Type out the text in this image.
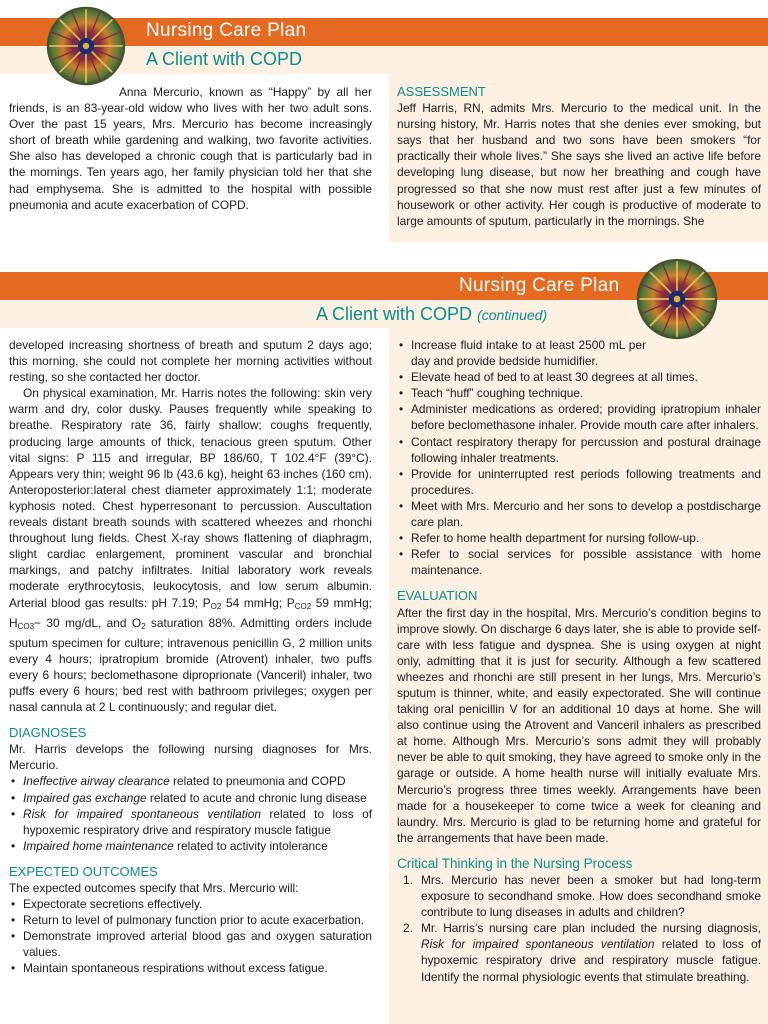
Nursing Care Plan
A Client with COPD

Anna Mercurio, known as “Happy” by all her friends, is an 83-year-old widow who lives with her two adult sons. Over the past 15 years, Mrs. Mercurio has become increasingly short of breath while gardening and walking, two favorite activities. She also has developed a chronic cough that is particularly bad in the mornings. Ten years ago, her family physician told her that she had emphysema. She is admitted to the hospital with possible pneumonia and acute exacerbation of COPD.

ASSESSMENT

Jeff Harris, RN, admits Mrs. Mercurio to the medical unit. In the nursing history, Mr. Harris notes that she denies ever smoking, but says that her husband and two sons have been smokers “for practically their whole lives.” She says she lived an active life before developing lung disease, but now her breathing and cough have progressed so that she now must rest after just a few minutes of housework or other activity. Her cough is productive of moderate to large amounts of sputum, particularly in the mornings. She

Nursing Care Plan
A Client with COPD (continued)

developed increasing shortness of breath and sputum 2 days ago; this morning, she could not complete her morning activities without resting, so she contacted her doctor.

On physical examination, Mr. Harris notes the following: skin very warm and dry, color dusky. Pauses frequently while speaking to breathe. Respiratory rate 36, fairly shallow; coughs frequently, producing large amounts of thick, tenacious green sputum. Other vital signs: P 115 and irregular, BP 186/60, T 102.4°F (39°C). Appears very thin; weight 96 lb (43.6 kg), height 63 inches (160 cm). Anteroposterior:lateral chest diameter approximately 1:1; moderate kyphosis noted. Chest hyperresonant to percussion. Auscultation reveals distant breath sounds with scattered wheezes and rhonchi throughout lung fields. Chest X-ray shows flattening of diaphragm, slight cardiac enlargement, prominent vascular and bronchial markings, and patchy infiltrates. Initial laboratory work reveals moderate erythrocytosis, leukocytosis, and low serum albumin. Arterial blood gas results: pH 7.19; $P_{O2}$ 54 mmHg; $P_{CO2}$ 59 mmHg; $H_{CO3}- 30$ mg/dL, and $O_2$ saturation 88%. Admitting orders include sputum specimen for culture; intravenous penicillin G, 2 million units every 4 hours; ipratropium bromide (Atrovent) inhaler, two puffs every 6 hours; beclomethasone diproprionate (Vanceril) inhaler, two puffs every 6 hours; bed rest with bathroom privileges; oxygen per nasal cannula at 2 L continuously; and regular diet.

DIAGNOSES

Mr. Harris develops the following nursing diagnoses for Mrs. Mercurio.

• Ineffective airway clearance related to pneumonia and COPD
• Impaired gas exchange related to acute and chronic lung disease
• Risk for impaired spontaneous ventilation related to loss of hypoxemic respiratory drive and respiratory muscle fatigue
• Impaired home maintenance related to activity intolerance

EXPECTED OUTCOMES

The expected outcomes specify that Mrs. Mercurio will:

• Expectorate secretions effectively.
• Return to level of pulmonary function prior to acute exacerbation.
• Demonstrate improved arterial blood gas and oxygen saturation values.
• Maintain spontaneous respirations without excess fatigue.
• Increase fluid intake to at least 2500 mL per day and provide bedside humidifier.
• Elevate head of bed to at least 30 degrees at all times.
• Teach “huff” coughing technique.
• Administer medications as ordered; providing ipratropium inhaler before beclomethasone inhaler. Provide mouth care after inhalers.
• Contact respiratory therapy for percussion and postural drainage following inhaler treatments.
• Provide for uninterrupted rest periods following treatments and procedures.
• Meet with Mrs. Mercurio and her sons to develop a postdischarge care plan.
• Refer to home health department for nursing follow-up.
• Refer to social services for possible assistance with home maintenance.

EVALUATION

After the first day in the hospital, Mrs. Mercurio’s condition begins to improve slowly. On discharge 6 days later, she is able to provide self-care with less fatigue and dyspnea. She is using oxygen at night only, admitting that it is just for security. Although a few scattered wheezes and rhonchi are still present in her lungs, Mrs. Mercurio’s sputum is thinner, white, and easily expectorated. She will continue taking oral penicillin V for an additional 10 days at home. She will also continue using the Atrovent and Vanceril inhalers as prescribed at home. Although Mrs. Mercurio’s sons admit they will probably never be able to quit smoking, they have agreed to smoke only in the garage or outside. A home health nurse will initially evaluate Mrs. Mercurio’s progress three times weekly. Arrangements have been made for a housekeeper to come twice a week for cleaning and laundry. Mrs. Mercurio is glad to be returning home and grateful for the arrangements that have been made.

Critical Thinking in the Nursing Process

1. Mrs. Mercurio has never been a smoker but had long-term exposure to secondhand smoke. How does secondhand smoke contribute to lung diseases in adults and children?
2. Mr. Harris’s nursing care plan included the nursing diagnosis, Risk for impaired spontaneous ventilation related to loss of hypoxemic respiratory drive and respiratory muscle fatigue. Identify the normal physiologic events that stimulate breathing.
